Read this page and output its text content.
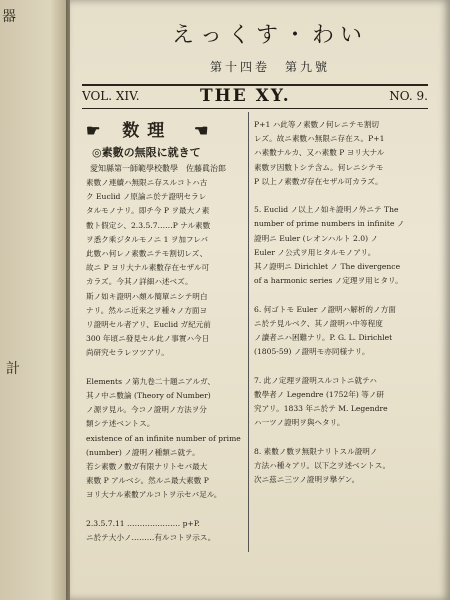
器
計
えっくす・わい
第十四卷　第九號
VOL. XIV.	THE XY.	NO. 9.
☛ 数理 ☛
◎素數の無限に就きて
愛知縣第一師範學校數學　佐藤眞治郎

素數ノ連續ハ無限ニ存スルコトハ古

ク Euclid ノ原論ニ於テ證明セラレ

タルモノナリ。即チ今 P ヲ最大ノ素

數ト假定シ、2.3.5.7……P ナル素數

ヲ悉ク乘ジタルモノニ 1 ヲ加フレバ

此數ハ何レノ素數ニテモ割切レズ、

故ニ P ヨリ大ナル素數存在セザル可

カラズ。今其ノ詳細ハ述ベズ。

斯ノ如キ證明ハ頗ル簡單ニシテ明白

ナリ。然ルニ近來之ヲ種々ノ方面ヨ

リ證明セル者アリ、Euclid ガ紀元前

300 年頃ニ發見セル此ノ事實ハ今日

尚研究セラレツツアリ。

Elements ノ第九卷二十題ニアルガ、

其ノ中ニ數論 (Theory of Number)

ノ源ヲ見ル。今コノ證明ノ方法ヲ分

類シテ述ベントス。

existence of an infinite number of prime

(number) ノ證明ノ種類ニ就テ。

若シ素數ノ數ガ有限ナリトセバ最大

素數 P アルベシ。然ルニ最大素數 P

ヨリ大ナル素數アルコトヲ示セバ足ル。

2.3.5.7.11 ………………… p+P.

ニ於テ大小ノ………有ルコトヲ示ス。

P+1 ハ此等ノ素數ノ何レニテモ割切

レズ。故ニ素數ハ無限ニ存在ス。P+1

ハ素數ナルカ、又ハ素數 P ヨリ大ナル

素數ヲ因數トシテ含ム。何レニシテモ

P 以上ノ素數ガ存在セザル可カラズ。

5. Euclid ノ以上ノ如キ證明ノ外ニテ The

number of prime numbers in infinite ノ

證明ニ Euler (レオンハルト 2.0) ノ

Euler ノ公式ヲ用ヒタルモノアリ。

其ノ證明ニ Dirichlet ノ The divergence

of a harmonic series ノ定理ヲ用ヒタリ。

6. 何ゴトモ Euler ノ證明ハ解析的ノ方面

ニ於テ見ルベク、其ノ證明ハ中等程度

ノ讀者ニハ困難ナリ。P. G. L. Dirichlet

(1805-59) ノ證明モ亦同様ナリ。

7. 此ノ定理ヲ證明スルコトニ就テハ

數學者ノ Legendre (1752年) 等ノ研

究アリ。1833 年ニ於テ M. Legendre

ハ一ツノ證明ヲ與ヘタリ。

8. 素數ノ數ヲ無限ナリトスル證明ノ

方法ハ種々アリ。以下之ヲ述ベントス。

次ニ茲ニ三ツノ證明ヲ擧ゲン。
